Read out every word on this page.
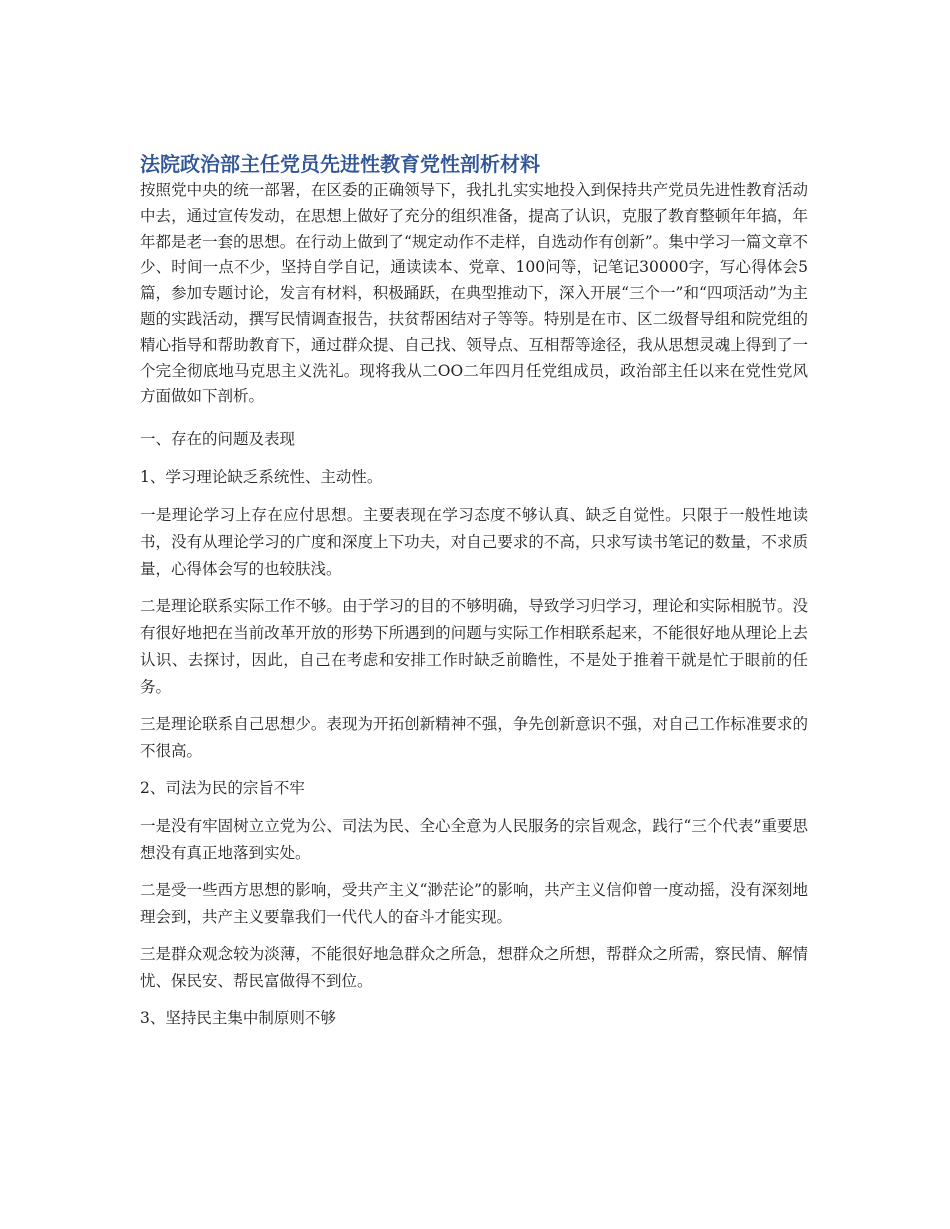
法院政治部主任党员先进性教育党性剖析材料

按照党中央的统一部署，在区委的正确领导下，我扎扎实实地投入到保持共产党员先进性教育活动中去，通过宣传发动，在思想上做好了充分的组织准备，提高了认识，克服了教育整顿年年搞，年年都是老一套的思想。在行动上做到了“规定动作不走样，自选动作有创新”。集中学习一篇文章不少、时间一点不少，坚持自学自记，通读读本、党章、100问等，记笔记30000字，写心得体会5篇，参加专题讨论，发言有材料，积极踊跃，在典型推动下，深入开展“三个一”和“四项活动”为主题的实践活动，撰写民情调查报告，扶贫帮困结对子等等。特别是在市、区二级督导组和院党组的精心指导和帮助教育下，通过群众提、自己找、领导点、互相帮等途径，我从思想灵魂上得到了一个完全彻底地马克思主义洗礼。现将我从二OO二年四月任党组成员，政治部主任以来在党性党风方面做如下剖析。

一、存在的问题及表现

1、学习理论缺乏系统性、主动性。

一是理论学习上存在应付思想。主要表现在学习态度不够认真、缺乏自觉性。只限于一般性地读书，没有从理论学习的广度和深度上下功夫，对自己要求的不高，只求写读书笔记的数量，不求质量，心得体会写的也较肤浅。

二是理论联系实际工作不够。由于学习的目的不够明确，导致学习归学习，理论和实际相脱节。没有很好地把在当前改革开放的形势下所遇到的问题与实际工作相联系起来，不能很好地从理论上去认识、去探讨，因此，自己在考虑和安排工作时缺乏前瞻性，不是处于推着干就是忙于眼前的任务。

三是理论联系自己思想少。表现为开拓创新精神不强，争先创新意识不强，对自己工作标准要求的不很高。

2、司法为民的宗旨不牢

一是没有牢固树立立党为公、司法为民、全心全意为人民服务的宗旨观念，践行“三个代表”重要思想没有真正地落到实处。

二是受一些西方思想的影响，受共产主义“渺茫论”的影响，共产主义信仰曾一度动摇，没有深刻地理会到，共产主义要靠我们一代代人的奋斗才能实现。

三是群众观念较为淡薄，不能很好地急群众之所急，想群众之所想，帮群众之所需，察民情、解情忧、保民安、帮民富做得不到位。

3、坚持民主集中制原则不够
